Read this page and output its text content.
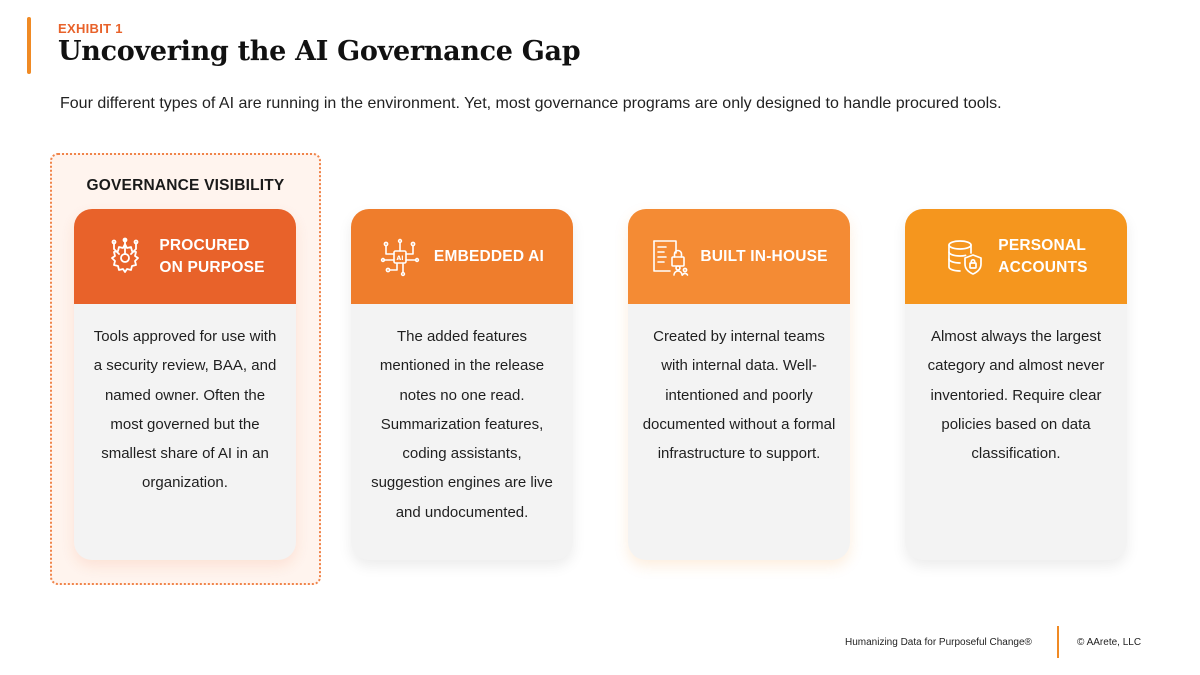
EXHIBIT 1
Uncovering the AI Governance Gap

Four different types of AI are running in the environment. Yet, most governance programs are only designed to handle procured tools.

GOVERNANCE VISIBILITY
PROCURED
ON PURPOSE
Tools approved for use with a security review, BAA, and named owner. Often the most governed but the smallest share of AI in an organization.
AI EMBEDDED AI
The added features mentioned in the release notes no one read. Summarization features, coding assistants, suggestion engines are live and undocumented.
BUILT IN-HOUSE
Created by internal teams with internal data. Well-intentioned and poorly documented without a formal infrastructure to support.
PERSONAL
ACCOUNTS
Almost always the largest category and almost never inventoried. Require clear policies based on data classification.
Humanizing Data for Purposeful Change®	© AArete, LLC
